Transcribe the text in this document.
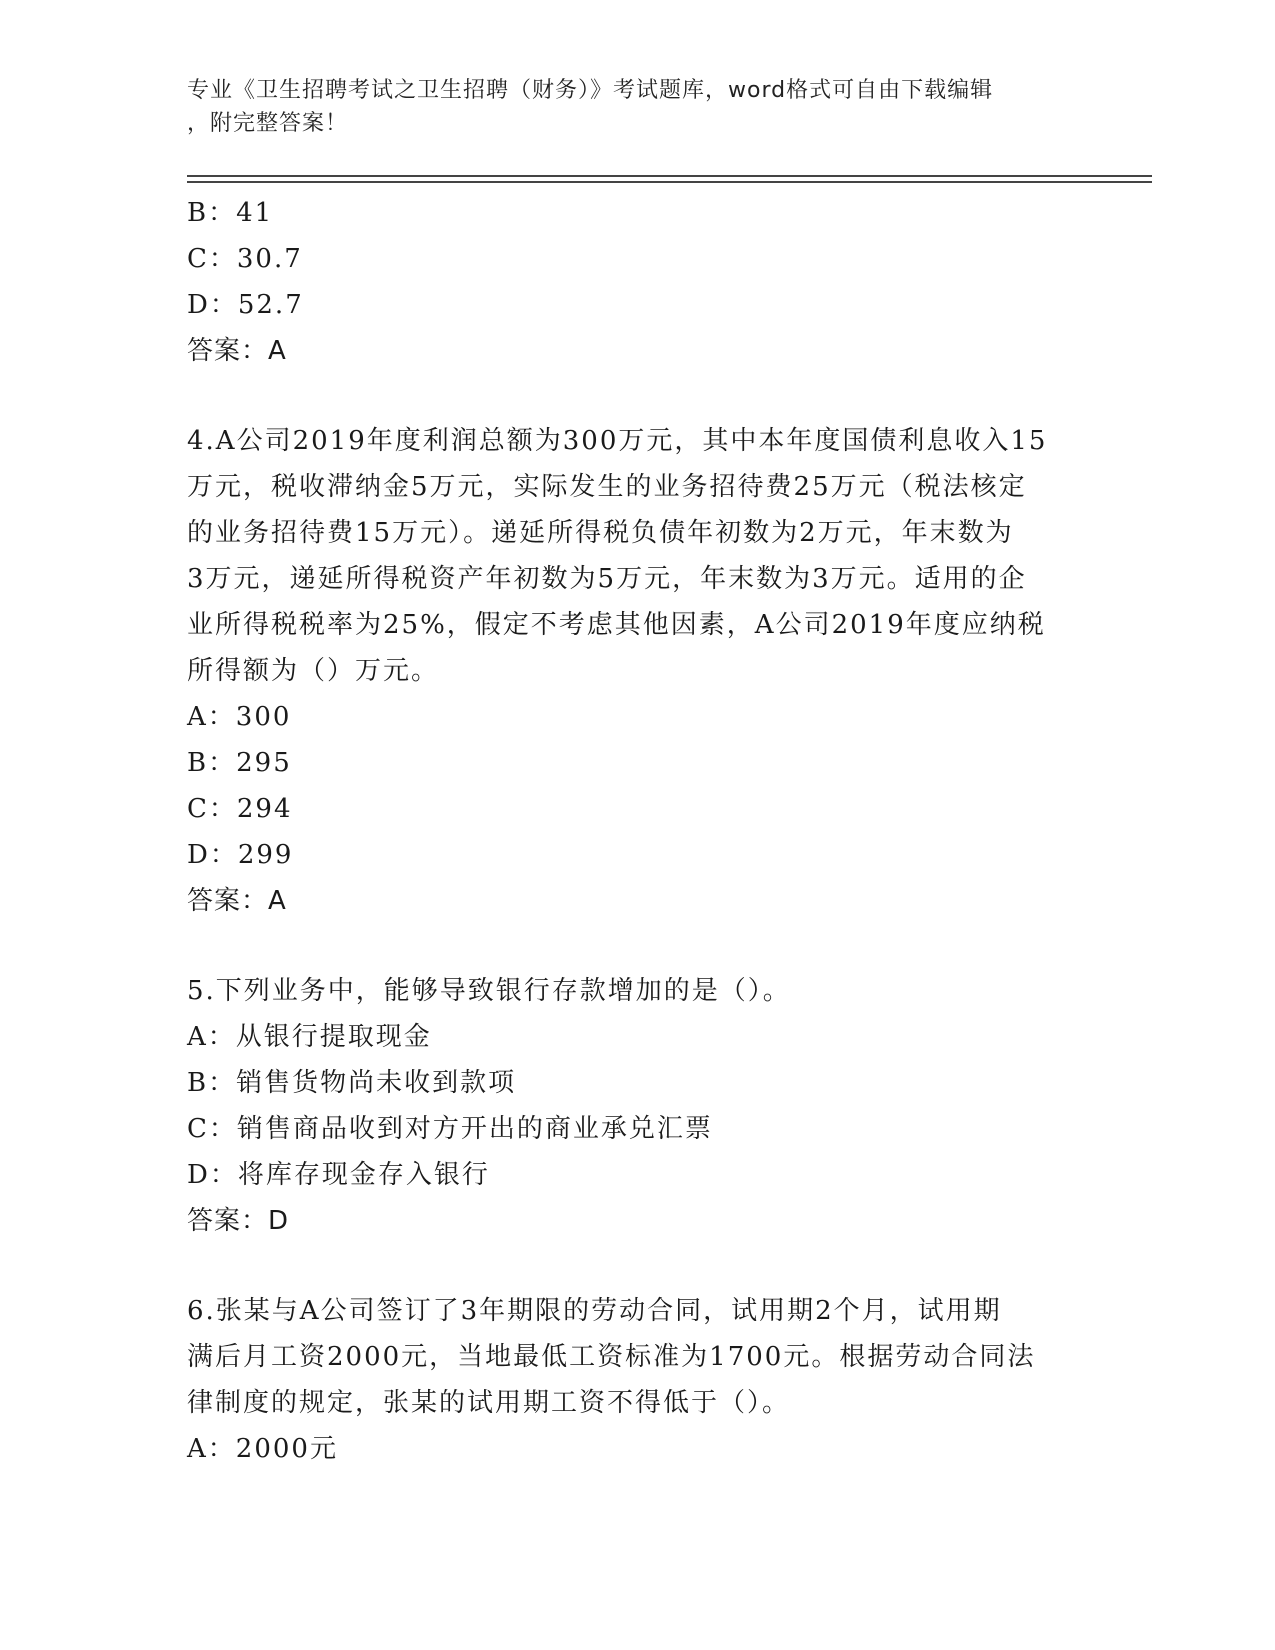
专业《卫生招聘考试之卫生招聘（财务）》考试题库，word格式可自由下载编辑
，附完整答案！
B：41
C：30.7
D：52.7
答案：A
4.A公司2019年度利润总额为300万元，其中本年度国债利息收入15
万元，税收滞纳金5万元，实际发生的业务招待费25万元（税法核定
的业务招待费15万元）。递延所得税负债年初数为2万元，年末数为
3万元，递延所得税资产年初数为5万元，年末数为3万元。适用的企
业所得税税率为25%，假定不考虑其他因素，A公司2019年度应纳税
所得额为（）万元。
A：300
B：295
C：294
D：299
答案：A
5.下列业务中，能够导致银行存款增加的是（）。
A：从银行提取现金
B：销售货物尚未收到款项
C：销售商品收到对方开出的商业承兑汇票
D：将库存现金存入银行
答案：D
6.张某与A公司签订了3年期限的劳动合同，试用期2个月，试用期
满后月工资2000元，当地最低工资标准为1700元。根据劳动合同法
律制度的规定，张某的试用期工资不得低于（）。
A：2000元
